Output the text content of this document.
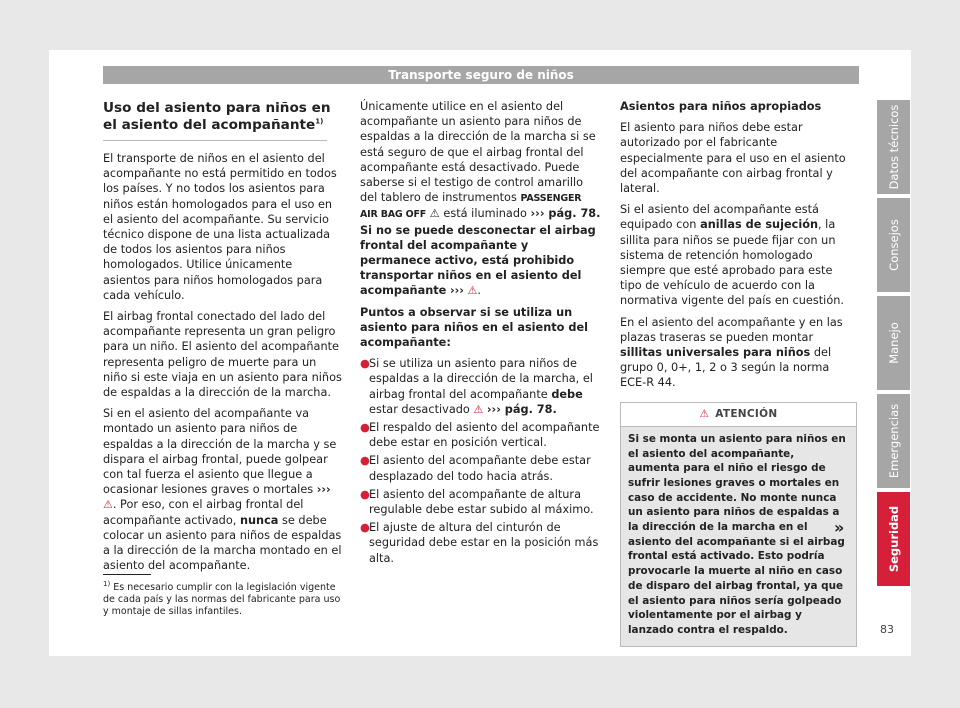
Transporte seguro de niños
Uso del asiento para niños en el asiento del acompañante$^{1)}$

El transporte de niños en el asiento del acompañante no está permitido en todos los países. Y no todos los asientos para niños están homologados para el uso en el asiento del acompañante. Su servicio técnico dispone de una lista actualizada de todos los asientos para niños homologados. Utilice únicamente asientos para niños homologados para cada vehículo.

El airbag frontal conectado del lado del acompañante representa un gran peligro para un niño. El asiento del acompañante representa peligro de muerte para un niño si este viaja en un asiento para niños de espaldas a la dirección de la marcha.

Si en el asiento del acompañante va montado un asiento para niños de espaldas a la dirección de la marcha y se dispara el airbag frontal, puede golpear con tal fuerza el asiento que llegue a ocasionar lesiones graves o mortales ››› ⚠. Por eso, con el airbag frontal del acompañante activado, nunca se debe colocar un asiento para niños de espaldas a la dirección de la marcha montado en el asiento del acompañante.

Únicamente utilice en el asiento del acompañante un asiento para niños de espaldas a la dirección de la marcha si se está seguro de que el airbag frontal del acompañante está desactivado. Puede saberse si el testigo de control amarillo del tablero de instrumentos PASSENGER AIR BAG OFF ⚠ está iluminado ››› pág. 78. Si no se puede desconectar el airbag frontal del acompañante y permanece activo, está prohibido transportar niños en el asiento del acompañante ››› ⚠.

Puntos a observar si se utiliza un asiento para niños en el asiento del acompañante:

● Si se utiliza un asiento para niños de espaldas a la dirección de la marcha, el airbag frontal del acompañante debe estar desactivado ⚠ ››› pág. 78.
● El respaldo del asiento del acompañante debe estar en posición vertical.
● El asiento del acompañante debe estar desplazado del todo hacia atrás.
● El asiento del acompañante de altura regulable debe estar subido al máximo.
● El ajuste de altura del cinturón de seguridad debe estar en la posición más alta.

Asientos para niños apropiados

El asiento para niños debe estar autorizado por el fabricante especialmente para el uso en el asiento del acompañante con airbag frontal y lateral.

Si el asiento del acompañante está equipado con anillas de sujeción, la sillita para niños se puede fijar con un sistema de retención homologado siempre que esté aprobado para este tipo de vehículo de acuerdo con la normativa vigente del país en cuestión.

En el asiento del acompañante y en las plazas traseras se pueden montar sillitas universales para niños del grupo 0, 0+, 1, 2 o 3 según la norma ECE-R 44.

⚠ ATENCIÓN
Si se monta un asiento para niños en el asiento del acompañante, aumenta para el niño el riesgo de sufrir lesiones graves o mortales en caso de accidente. No monte nunca un asiento para niños de espaldas a la dirección de la marcha en el asiento del acompañante si el airbag frontal está activado. Esto podría provocarle la muerte al niño en caso de disparo del airbag frontal, ya que el asiento para niños sería golpeado violentamente por el airbag y lanzado contra el respaldo.
»
$^{1)}$ Es necesario cumplir con la legislación vigente de cada país y las normas del fabricante para uso y montaje de sillas infantiles.
83
Datos técnicos
Consejos
Manejo
Emergencias
Seguridad
